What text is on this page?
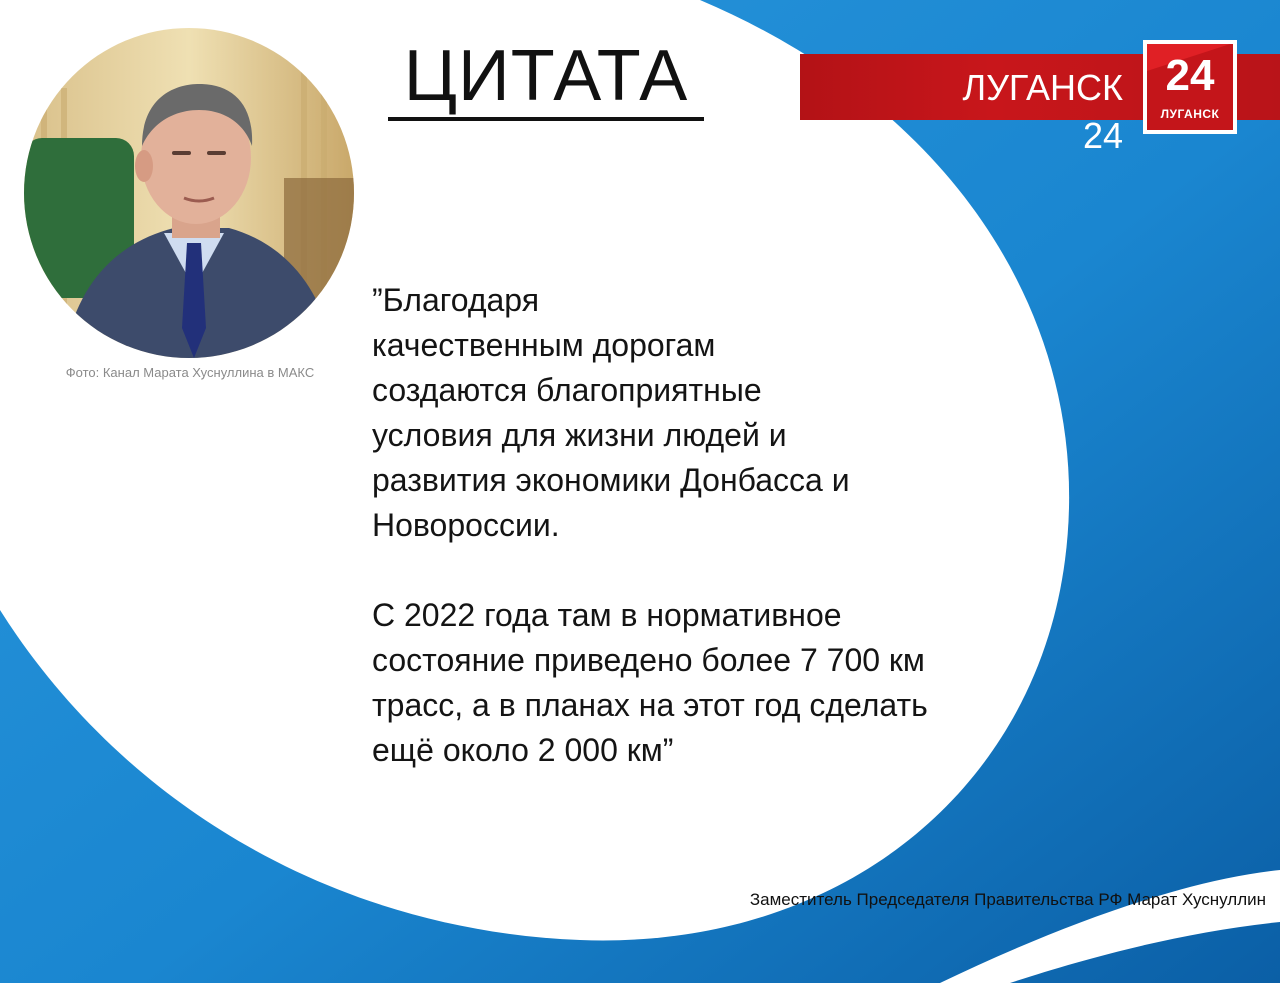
ЦИТАТА	ЛУГАНСК 24
24
ЛУГАНСК
Фото: Канал Марата Хуснуллина в МАКС

”Благодаря
качественным дорогам
создаются благоприятные
условия для жизни людей и
развития экономики Донбасса и
Новороссии.

С 2022 года там в нормативное
состояние приведено более 7 700 км
трасс, а в планах на этот год сделать
ещё около 2 000 км”

Заместитель Председателя Правительства РФ Марат Хуснуллин
